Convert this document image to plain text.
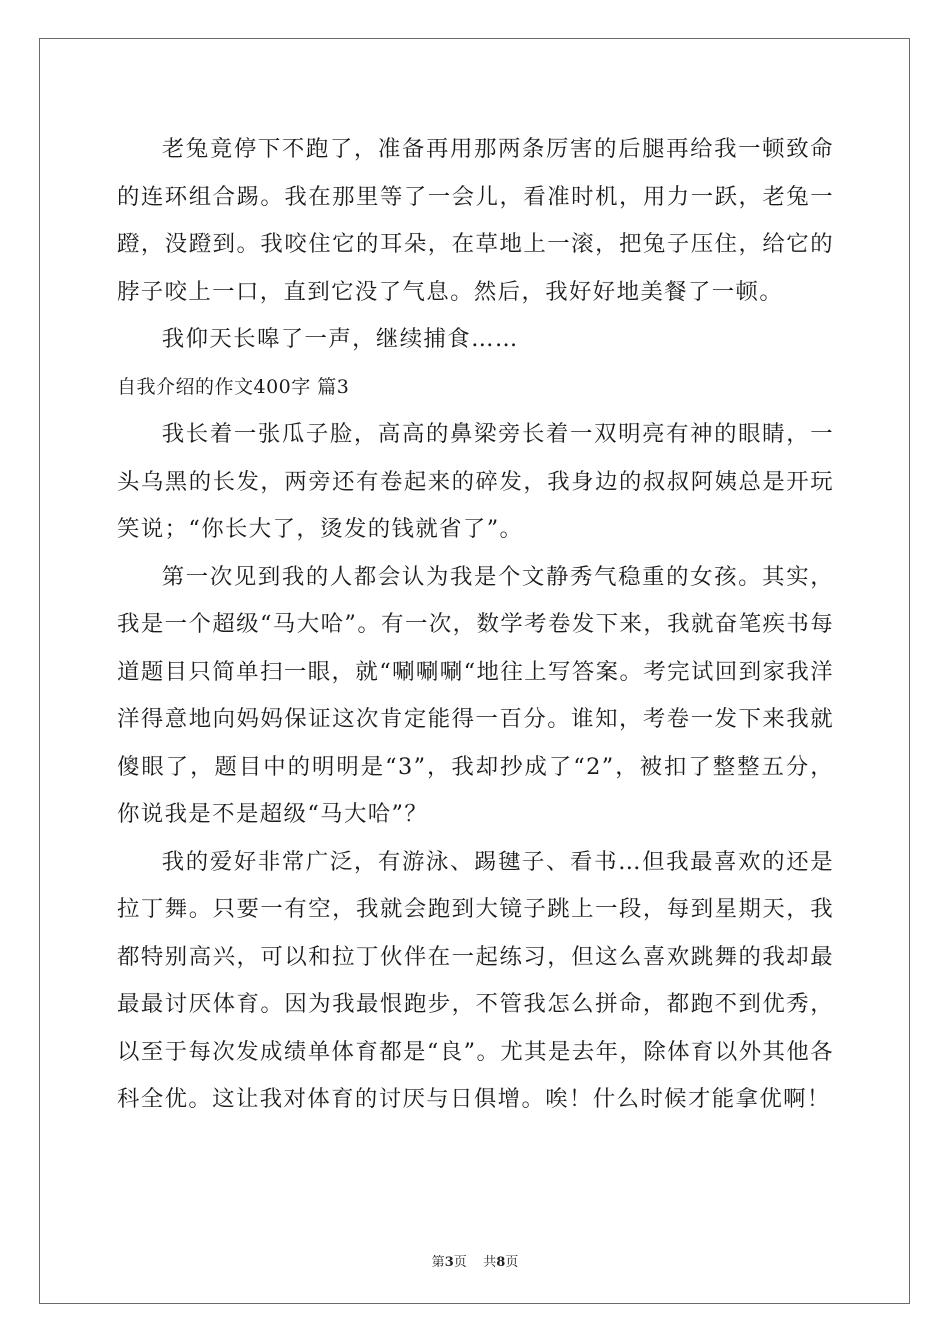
老兔竟停下不跑了，准备再用那两条厉害的后腿再给我一顿致命的连环组合踢。我在那里等了一会儿，看准时机，用力一跃，老兔一蹬，没蹬到。我咬住它的耳朵，在草地上一滚，把兔子压住，给它的脖子咬上一口，直到它没了气息。然后，我好好地美餐了一顿。

我仰天长嗥了一声，继续捕食……

自我介绍的作文400字 篇3

我长着一张瓜子脸，高高的鼻梁旁长着一双明亮有神的眼睛，一头乌黑的长发，两旁还有卷起来的碎发，我身边的叔叔阿姨总是开玩笑说；“你长大了，烫发的钱就省了”。

第一次见到我的人都会认为我是个文静秀气稳重的女孩。其实，我是一个超级“马大哈”。有一次，数学考卷发下来，我就奋笔疾书每道题目只简单扫一眼，就“唰唰唰“地往上写答案。考完试回到家我洋洋得意地向妈妈保证这次肯定能得一百分。谁知，考卷一发下来我就傻眼了，题目中的明明是“3”，我却抄成了“2”，被扣了整整五分，你说我是不是超级“马大哈”？

我的爱好非常广泛，有游泳、踢毽子、看书…但我最喜欢的还是拉丁舞。只要一有空，我就会跑到大镜子跳上一段，每到星期天，我都特别高兴，可以和拉丁伙伴在一起练习，但这么喜欢跳舞的我却最最最讨厌体育。因为我最恨跑步，不管我怎么拼命，都跑不到优秀，以至于每次发成绩单体育都是“良”。尤其是去年，除体育以外其他各科全优。这让我对体育的讨厌与日俱增。唉！什么时候才能拿优啊！

第3页    共8页
